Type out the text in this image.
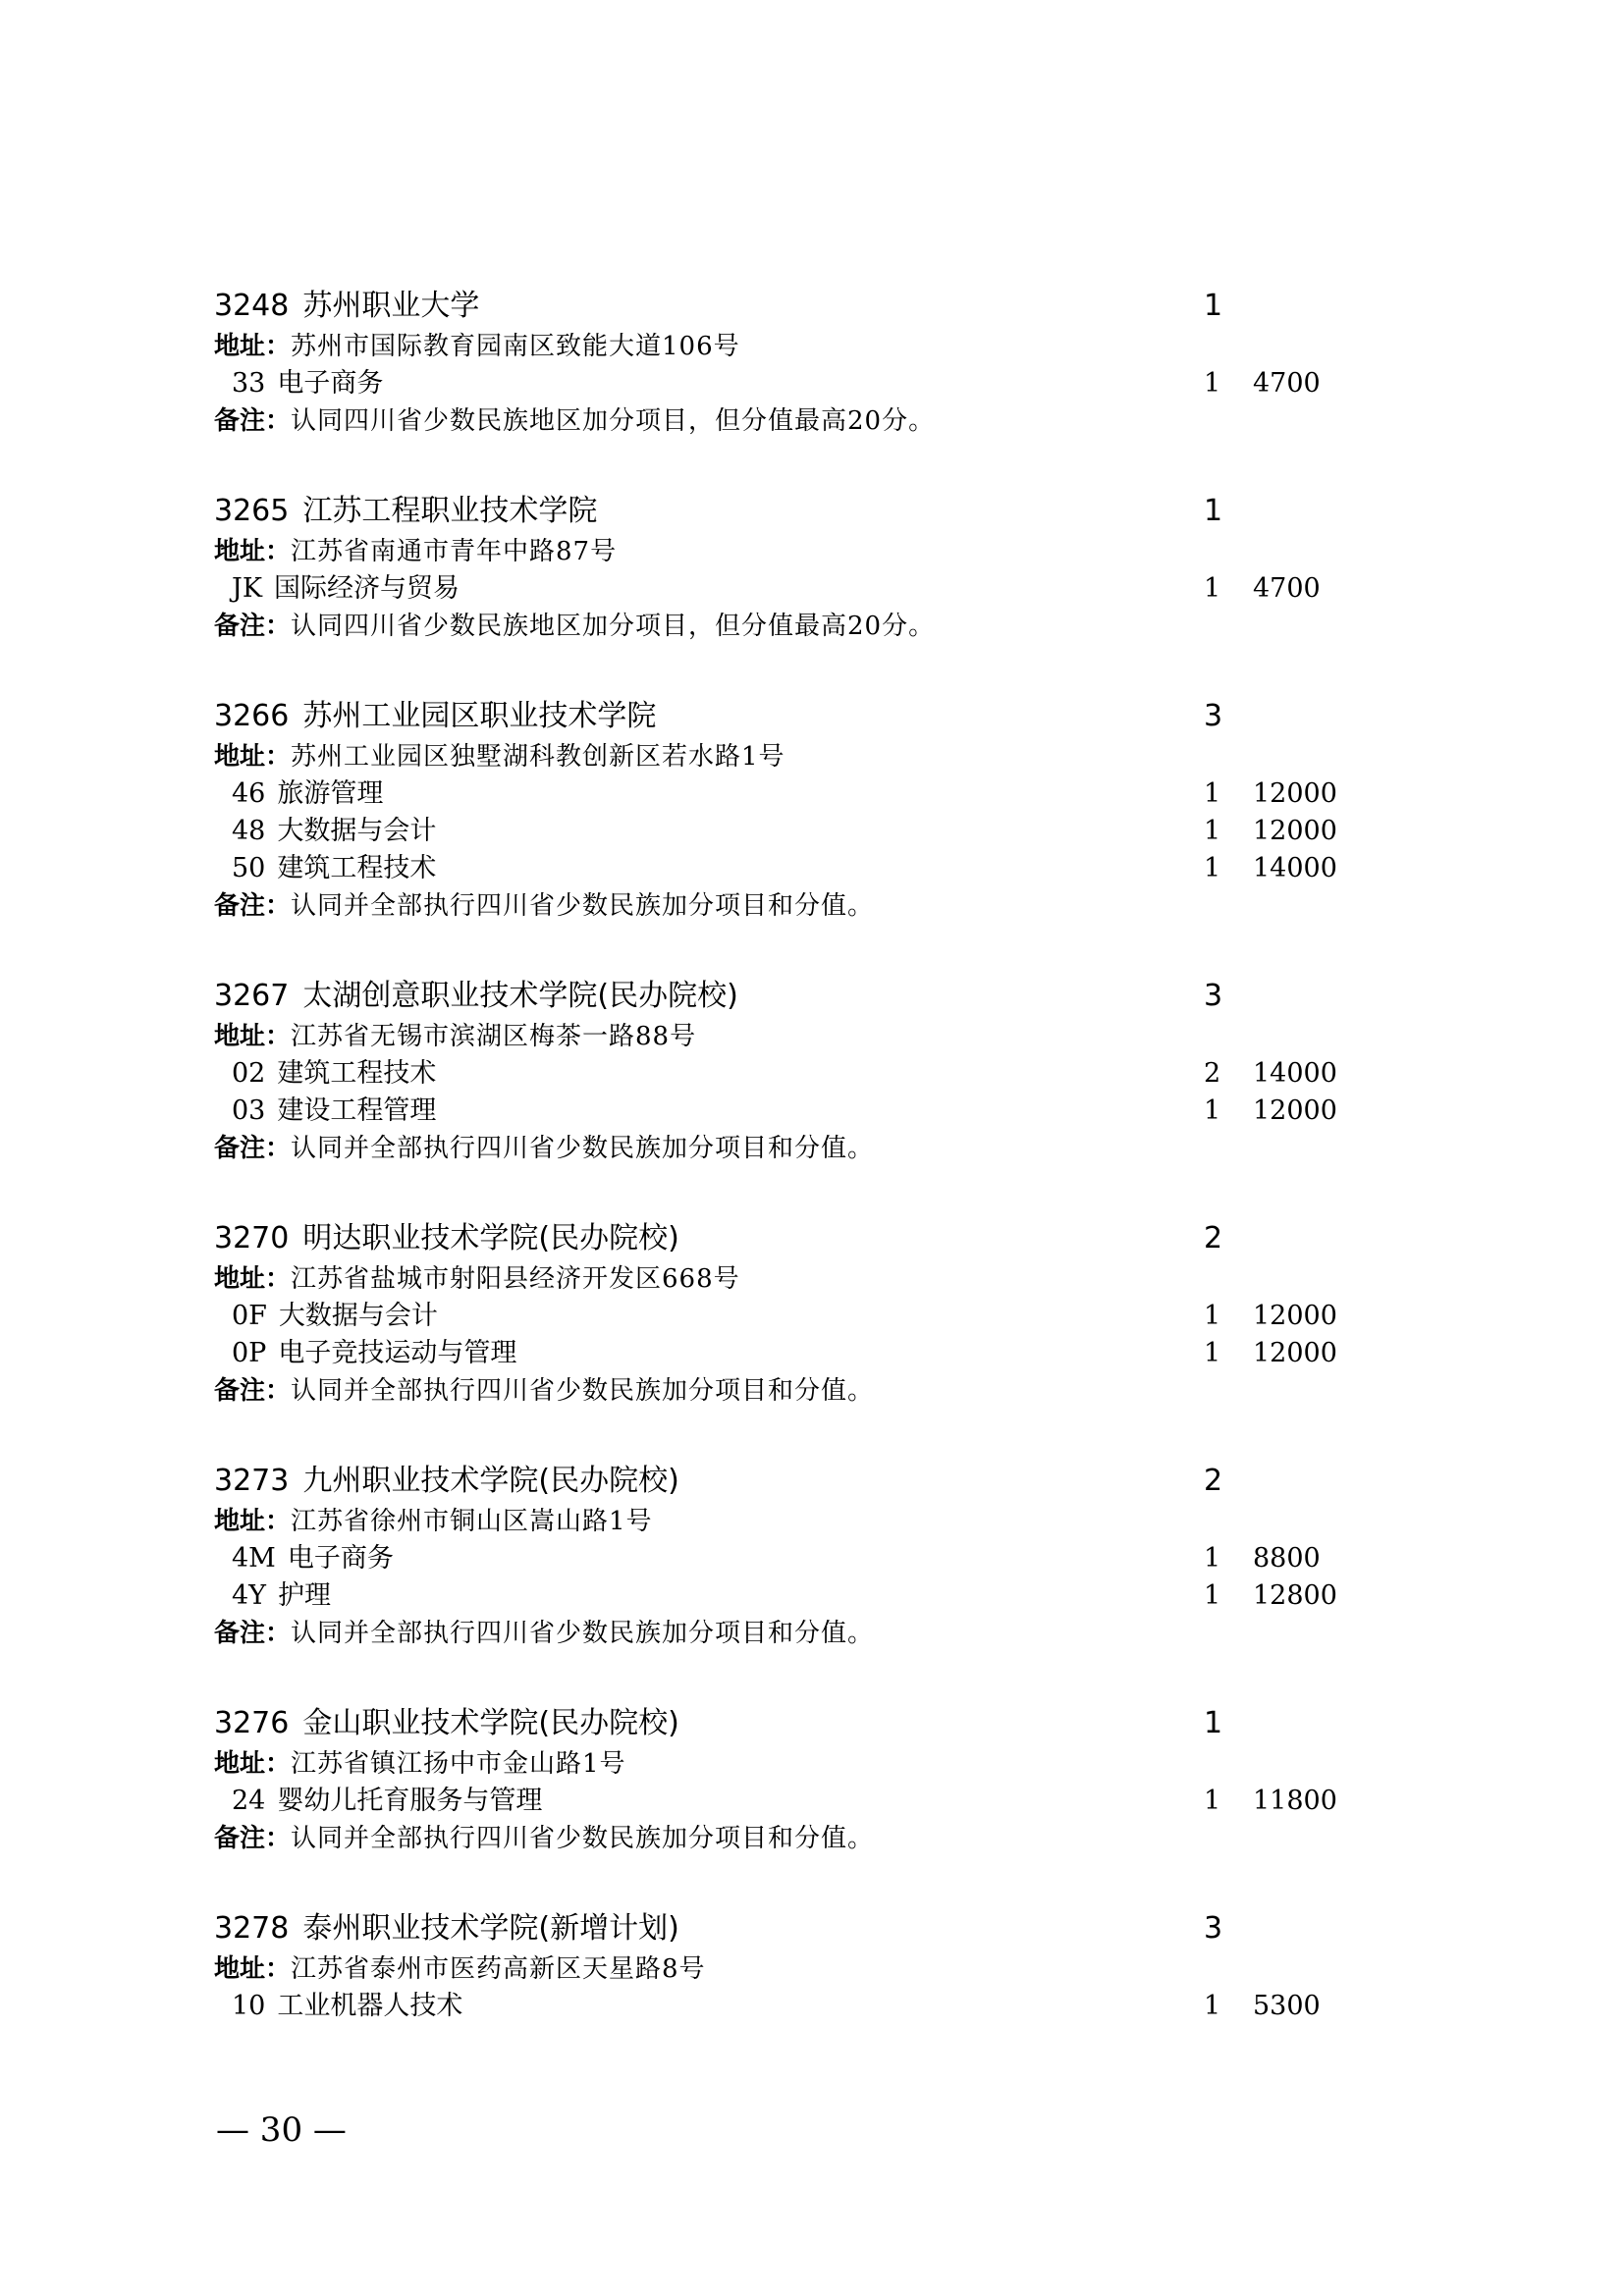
3248 苏州职业大学	1
地址：苏州市国际教育园南区致能大道106号
33 电子商务	1 4700
备注：认同四川省少数民族地区加分项目，但分值最高20分。
3265 江苏工程职业技术学院	1
地址：江苏省南通市青年中路87号
JK 国际经济与贸易	1 4700
备注：认同四川省少数民族地区加分项目，但分值最高20分。
3266 苏州工业园区职业技术学院	3
地址：苏州工业园区独墅湖科教创新区若水路1号
46 旅游管理	1 12000
48 大数据与会计	1 12000
50 建筑工程技术	1 14000
备注：认同并全部执行四川省少数民族加分项目和分值。
3267 太湖创意职业技术学院(民办院校)	3
地址：江苏省无锡市滨湖区梅茶一路88号
02 建筑工程技术	2 14000
03 建设工程管理	1 12000
备注：认同并全部执行四川省少数民族加分项目和分值。
3270 明达职业技术学院(民办院校)	2
地址：江苏省盐城市射阳县经济开发区668号
0F 大数据与会计	1 12000
0P 电子竞技运动与管理	1 12000
备注：认同并全部执行四川省少数民族加分项目和分值。
3273 九州职业技术学院(民办院校)	2
地址：江苏省徐州市铜山区嵩山路1号
4M 电子商务	1 8800
4Y 护理	1 12800
备注：认同并全部执行四川省少数民族加分项目和分值。
3276 金山职业技术学院(民办院校)	1
地址：江苏省镇江扬中市金山路1号
24 婴幼儿托育服务与管理	1 11800
备注：认同并全部执行四川省少数民族加分项目和分值。
3278 泰州职业技术学院(新增计划)	3
地址：江苏省泰州市医药高新区天星路8号
10 工业机器人技术	1 5300
— 30 —
